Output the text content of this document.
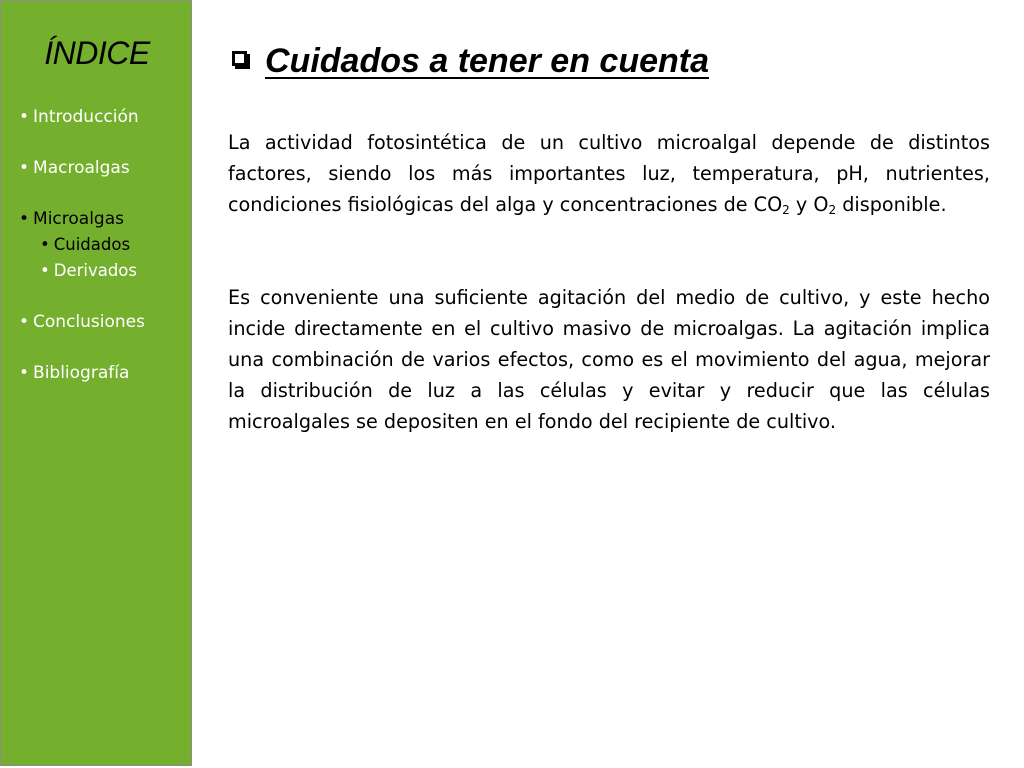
ÍNDICE
• Introducción
• Macroalgas
• Microalgas
• Cuidados
• Derivados
• Conclusiones
• Bibliografía
Cuidados a tener en cuenta

La actividad fotosintética de un cultivo microalgal depende de distintos factores, siendo los más importantes luz, temperatura, pH, nutrientes, condiciones fisiológicas del alga y concentraciones de $CO_2$ y $O_2$ disponible.

Es conveniente una suficiente agitación del medio de cultivo, y este hecho incide directamente en el cultivo masivo de microalgas. La agitación implica una combinación de varios efectos, como es el movimiento del agua, mejorar la distribución de luz a las células y evitar y reducir que las células microalgales se depositen en el fondo del recipiente de cultivo.
